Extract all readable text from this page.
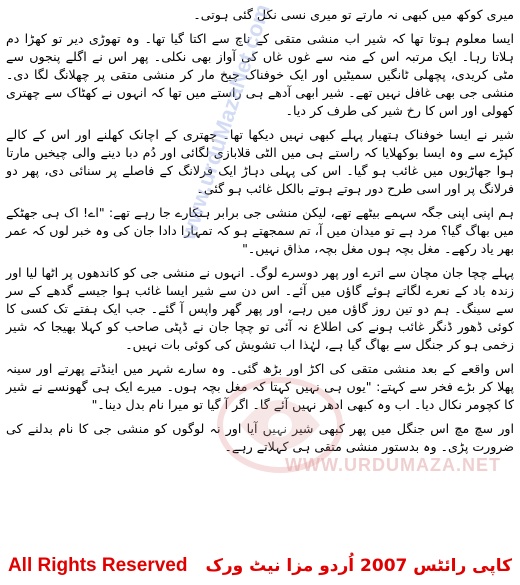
میری کوکھ میں کبھی نہ مارتے تو میری نسی نکل گئی ہوتی۔

ایسا معلوم ہوتا تھا کہ شیر اب منشی متقی کے ناچ سے اکتا گیا تھا۔ وہ تھوڑی دیر تو کھڑا دم ہلاتا رہا۔ ایک مرتبہ اس کے منہ سے غوں غاں کی آواز بھی نکلی۔ پھر اس نے اگلے پنجوں سے مٹی کریدی، پچھلی ٹانگیں سمیٹیں اور ایک خوفناک چیخ مار کر منشی متقی پر چھلانگ لگا دی۔ منشی جی بھی غافل نہیں تھے۔ شیر ابھی آدھے ہی راستے میں تھا کہ انہوں نے کھٹاک سے چھتری کھولی اور اس کا رخ شیر کی طرف کر دیا۔

شیر نے ایسا خوفناک ہتھیار پہلے کبھی نہیں دیکھا تھا۔ چھتری کے اچانک کھلنے اور اس کے کالے کپڑے سے وہ ایسا بوکھلایا کہ راستے ہی میں الٹی قلابازی لگائی اور دُم دبا دینے والی چیخیں مارتا ہوا جھاڑیوں میں غائب ہو گیا۔ اس کی پہلی دہاڑ ایک فرلانگ کے فاصلے پر سنائی دی، پھر دو فرلانگ پر اور اسی طرح دور ہوتے ہوتے بالکل غائب ہو گئی۔

ہم اپنی اپنی جگہ سہمے بیٹھے تھے، لیکن منشی جی برابر ہنکارے جا رہے تھے: "اے! اک ہی جھٹکے میں بھاگ گیا؟ مرد ہے تو میدان میں آ، تم سمجھتے ہو کہ تمہارا دادا جان کی وہ خبر لوں کہ عمر بھر یاد رکھے۔ مغل بچہ ہوں مغل بچہ، مذاق نہیں۔"

پہلے چچا جان مچان سے اترے اور پھر دوسرے لوگ۔ انہوں نے منشی جی کو کاندھوں پر اٹھا لیا اور زندہ باد کے نعرے لگاتے ہوئے گاؤں میں آئے۔ اس دن سے شیر ایسا غائب ہوا جیسے گدھے کے سر سے سینگ۔ ہم دو تین روز گاؤں میں رہے، اور پھر گھر واپس آ گئے۔ جب ایک ہفتے تک کسی کا کوئی ڈھور ڈنگر غائب ہونے کی اطلاع نہ آئی تو چچا جان نے ڈپٹی صاحب کو کہلا بھیجا کہ شیر زخمی ہو کر جنگل سے بھاگ گیا ہے، لہٰذا اب تشویش کی کوئی بات نہیں۔

اس واقعے کے بعد منشی متقی کی اکڑ اور بڑھ گئی۔ وہ سارے شہر میں اینڈتے پھرتے اور سینہ پھلا کر بڑے فخر سے کہتے: "یوں ہی نہیں کہتا کہ مغل بچہ ہوں۔ میرے ایک ہی گھونسے نے شیر کا کچومر نکال دیا۔ اب وہ کبھی ادھر نہیں آئے گا۔ اگر آ گیا تو میرا نام بدل دینا۔"

اور سچ مچ اس جنگل میں پھر کبھی شیر نہیں آیا اور نہ لوگوں کو منشی جی کا نام بدلنے کی ضرورت پڑی۔ وہ بدستور منشی متقی ہی کہلاتے رہے۔

www.urduMazaNet.com
WWW.URDUMAZA.NET
All Rights Reserved کاپی رائٹس 2007 اُردو مزا نیٹ ورک
